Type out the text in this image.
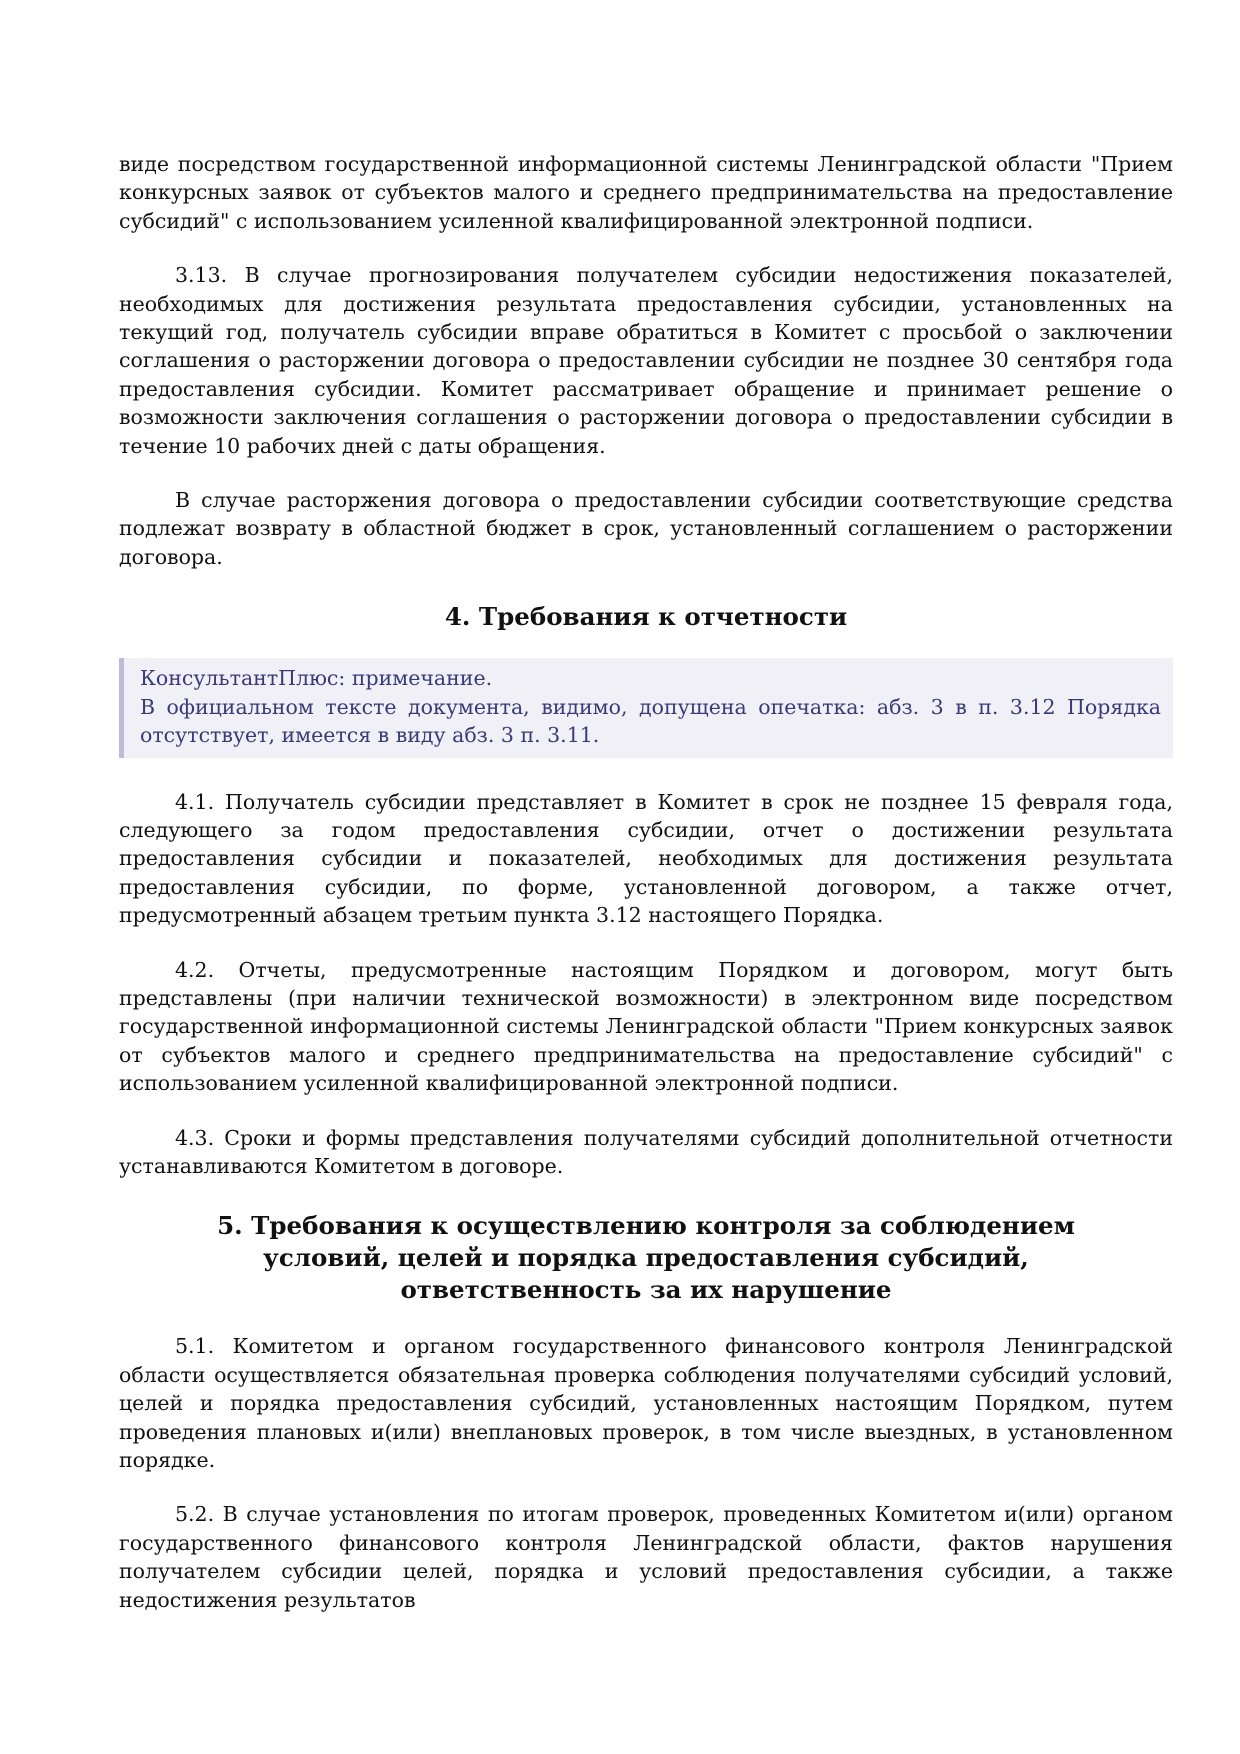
виде посредством государственной информационной системы Ленинградской области "Прием конкурсных заявок от субъектов малого и среднего предпринимательства на предоставление субсидий" с использованием усиленной квалифицированной электронной подписи.

3.13. В случае прогнозирования получателем субсидии недостижения показателей, необходимых для достижения результата предоставления субсидии, установленных на текущий год, получатель субсидии вправе обратиться в Комитет с просьбой о заключении соглашения о расторжении договора о предоставлении субсидии не позднее 30 сентября года предоставления субсидии. Комитет рассматривает обращение и принимает решение о возможности заключения соглашения о расторжении договора о предоставлении субсидии в течение 10 рабочих дней с даты обращения.

В случае расторжения договора о предоставлении субсидии соответствующие средства подлежат возврату в областной бюджет в срок, установленный соглашением о расторжении договора.

4. Требования к отчетности

КонсультантПлюс: примечание.

В официальном тексте документа, видимо, допущена опечатка: абз. 3 в п. 3.12 Порядка отсутствует, имеется в виду абз. 3 п. 3.11.

4.1. Получатель субсидии представляет в Комитет в срок не позднее 15 февраля года, следующего за годом предоставления субсидии, отчет о достижении результата предоставления субсидии и показателей, необходимых для достижения результата предоставления субсидии, по форме, установленной договором, а также отчет, предусмотренный абзацем третьим пункта 3.12 настоящего Порядка.

4.2. Отчеты, предусмотренные настоящим Порядком и договором, могут быть представлены (при наличии технической возможности) в электронном виде посредством государственной информационной системы Ленинградской области "Прием конкурсных заявок от субъектов малого и среднего предпринимательства на предоставление субсидий" с использованием усиленной квалифицированной электронной подписи.

4.3. Сроки и формы представления получателями субсидий дополнительной отчетности устанавливаются Комитетом в договоре.

5. Требования к осуществлению контроля за соблюдением
условий, целей и порядка предоставления субсидий,
ответственность за их нарушение

5.1. Комитетом и органом государственного финансового контроля Ленинградской области осуществляется обязательная проверка соблюдения получателями субсидий условий, целей и порядка предоставления субсидий, установленных настоящим Порядком, путем проведения плановых и(или) внеплановых проверок, в том числе выездных, в установленном порядке.

5.2. В случае установления по итогам проверок, проведенных Комитетом и(или) органом государственного финансового контроля Ленинградской области, фактов нарушения получателем субсидии целей, порядка и условий предоставления субсидии, а также недостижения результатов
